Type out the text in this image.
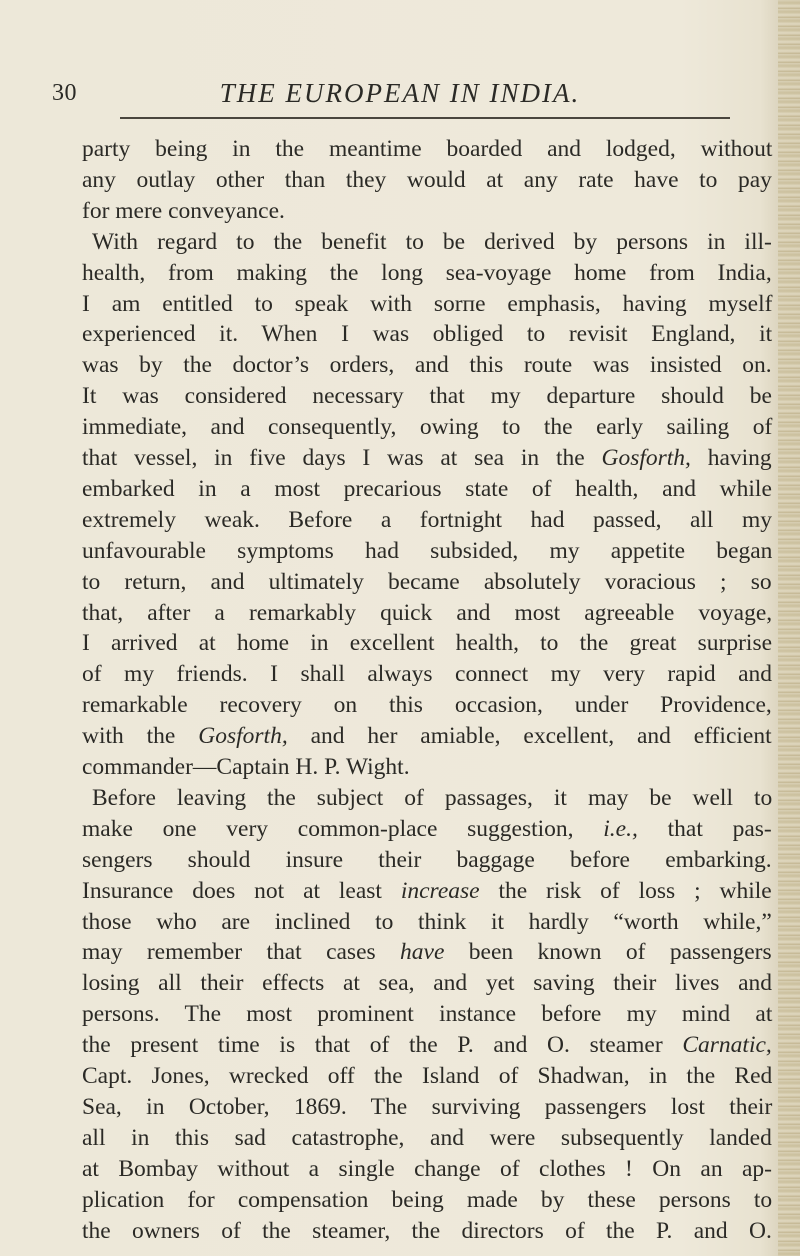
30	THE EUROPEAN IN INDIA.
party being in the meantime boarded and lodged, without
any outlay other than they would at any rate have to pay
for mere conveyance.
With regard to the benefit to be derived by persons in ill-
health, from making the long sea-voyage home from India,
I am entitled to speak with sorпe emphasis, having myself
experienced it. When I was obliged to revisit England, it
was by the doctor’s orders, and this route was insisted on.
It was considered necessary that my departure should be
immediate, and consequently, owing to the early sailing of
that vessel, in five days I was at sea in the Gosforth, having
embarked in a most precarious state of health, and while
extremely weak. Before a fortnight had passed, all my
unfavourable symptoms had subsided, my appetite began
to return, and ultimately became absolutely voracious ; so
that, after a remarkably quick and most agreeable voyage,
I arrived at home in excellent health, to the great surprise
of my friends. I shall always connect my very rapid and
remarkable recovery on this occasion, under Providence,
with the Gosforth, and her amiable, excellent, and efficient
commander—Captain H. P. Wight.
Before leaving the subject of passages, it may be well to
make one very common-place suggestion, i.e., that pas-
sengers should insure their baggage before embarking.
Insurance does not at least increase the risk of loss ; while
those who are inclined to think it hardly “worth while,”
may remember that cases have been known of passengers
losing all their effects at sea, and yet saving their lives and
persons. The most prominent instance before my mind at
the present time is that of the P. and O. steamer Carnatic,
Capt. Jones, wrecked off the Island of Shadwan, in the Red
Sea, in October, 1869. The surviving passengers lost their
all in this sad catastrophe, and were subsequently landed
at Bombay without a single change of clothes ! On an ap-
plication for compensation being made by these persons to
the owners of the steamer, the directors of the P. and O.
